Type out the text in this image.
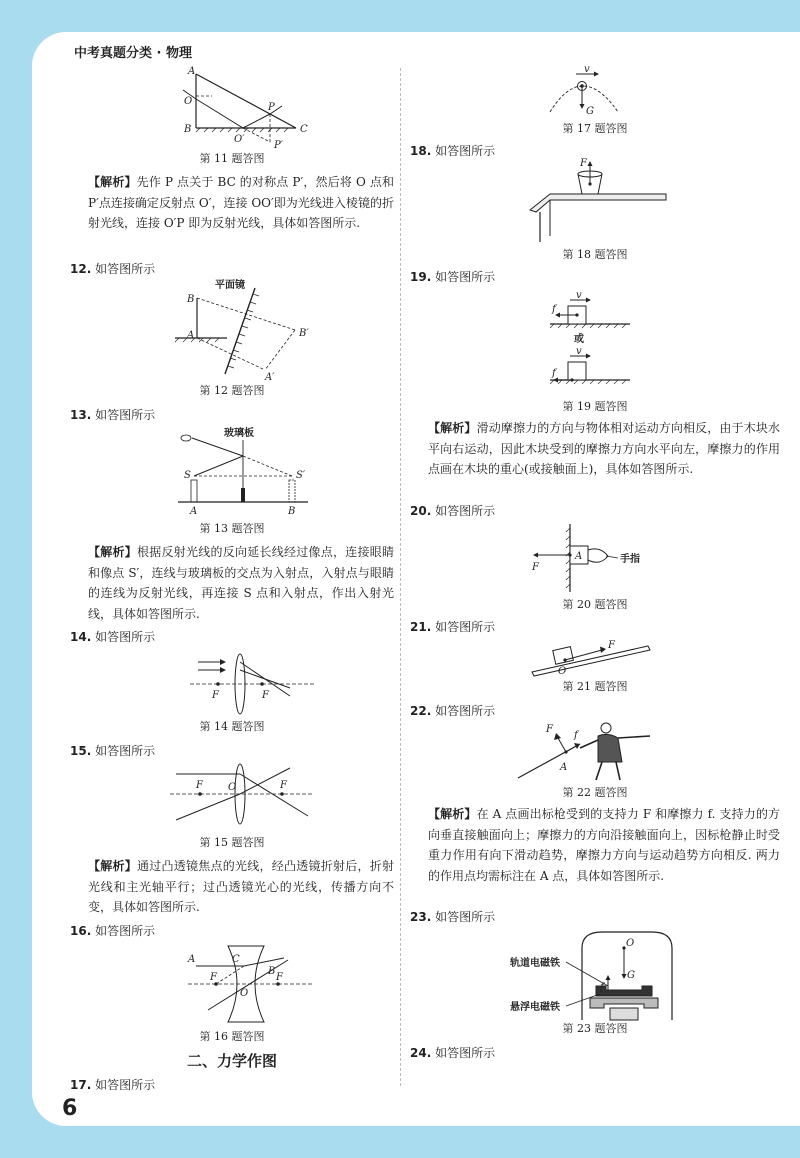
中考真题分类 · 物理
6
A
O
B
O′
P
P′
C
第 11 题答图
【解析】先作 P 点关于 BC 的对称点 P′，然后将 O 点和 P′点连接确定反射点 O′，连接 OO′即为光线进入棱镜的折射光线，连接 O′P 即为反射光线，具体如答图所示.
12. 如答图所示
平面镜
B
A	B′
A′
第 12 题答图
13. 如答图所示
玻璃板
S	S′
A	B
第 13 题答图
【解析】根据反射光线的反向延长线经过像点，连接眼睛和像点 S′，连线与玻璃板的交点为入射点，入射点与眼睛的连线为反射光线，再连接 S 点和入射点，作出入射光线，具体如答图所示.
14. 如答图所示
F	F
第 14 题答图
15. 如答图所示
F	O	F
第 15 题答图
【解析】通过凸透镜焦点的光线，经凸透镜折射后，折射光线和主光轴平行；过凸透镜光心的光线，传播方向不变，具体如答图所示.
16. 如答图所示
A	C
B
F	F
O
第 16 题答图
二、力学作图
17. 如答图所示
v
G
第 17 题答图
18. 如答图所示
F
第 18 题答图
19. 如答图所示
v
f
或
v
f
第 19 题答图
【解析】滑动摩擦力的方向与物体相对运动方向相反，由于木块水平向右运动，因此木块受到的摩擦力方向水平向左，摩擦力的作用点画在木块的重心(或接触面上)，具体如答图所示.
20. 如答图所示
F
A	手指
第 20 题答图
21. 如答图所示
F
O
第 21 题答图
22. 如答图所示
F
f
A
第 22 题答图
【解析】在 A 点画出标枪受到的支持力 F 和摩擦力 f. 支持力的方向垂直接触面向上；摩擦力的方向沿接触面向上，因标枪静止时受重力作用有向下滑动趋势，摩擦力方向与运动趋势方向相反. 两力的作用点均需标注在 A 点，具体如答图所示.
23. 如答图所示
O
G
f
轨道电磁铁
悬浮电磁铁
第 23 题答图
24. 如答图所示
